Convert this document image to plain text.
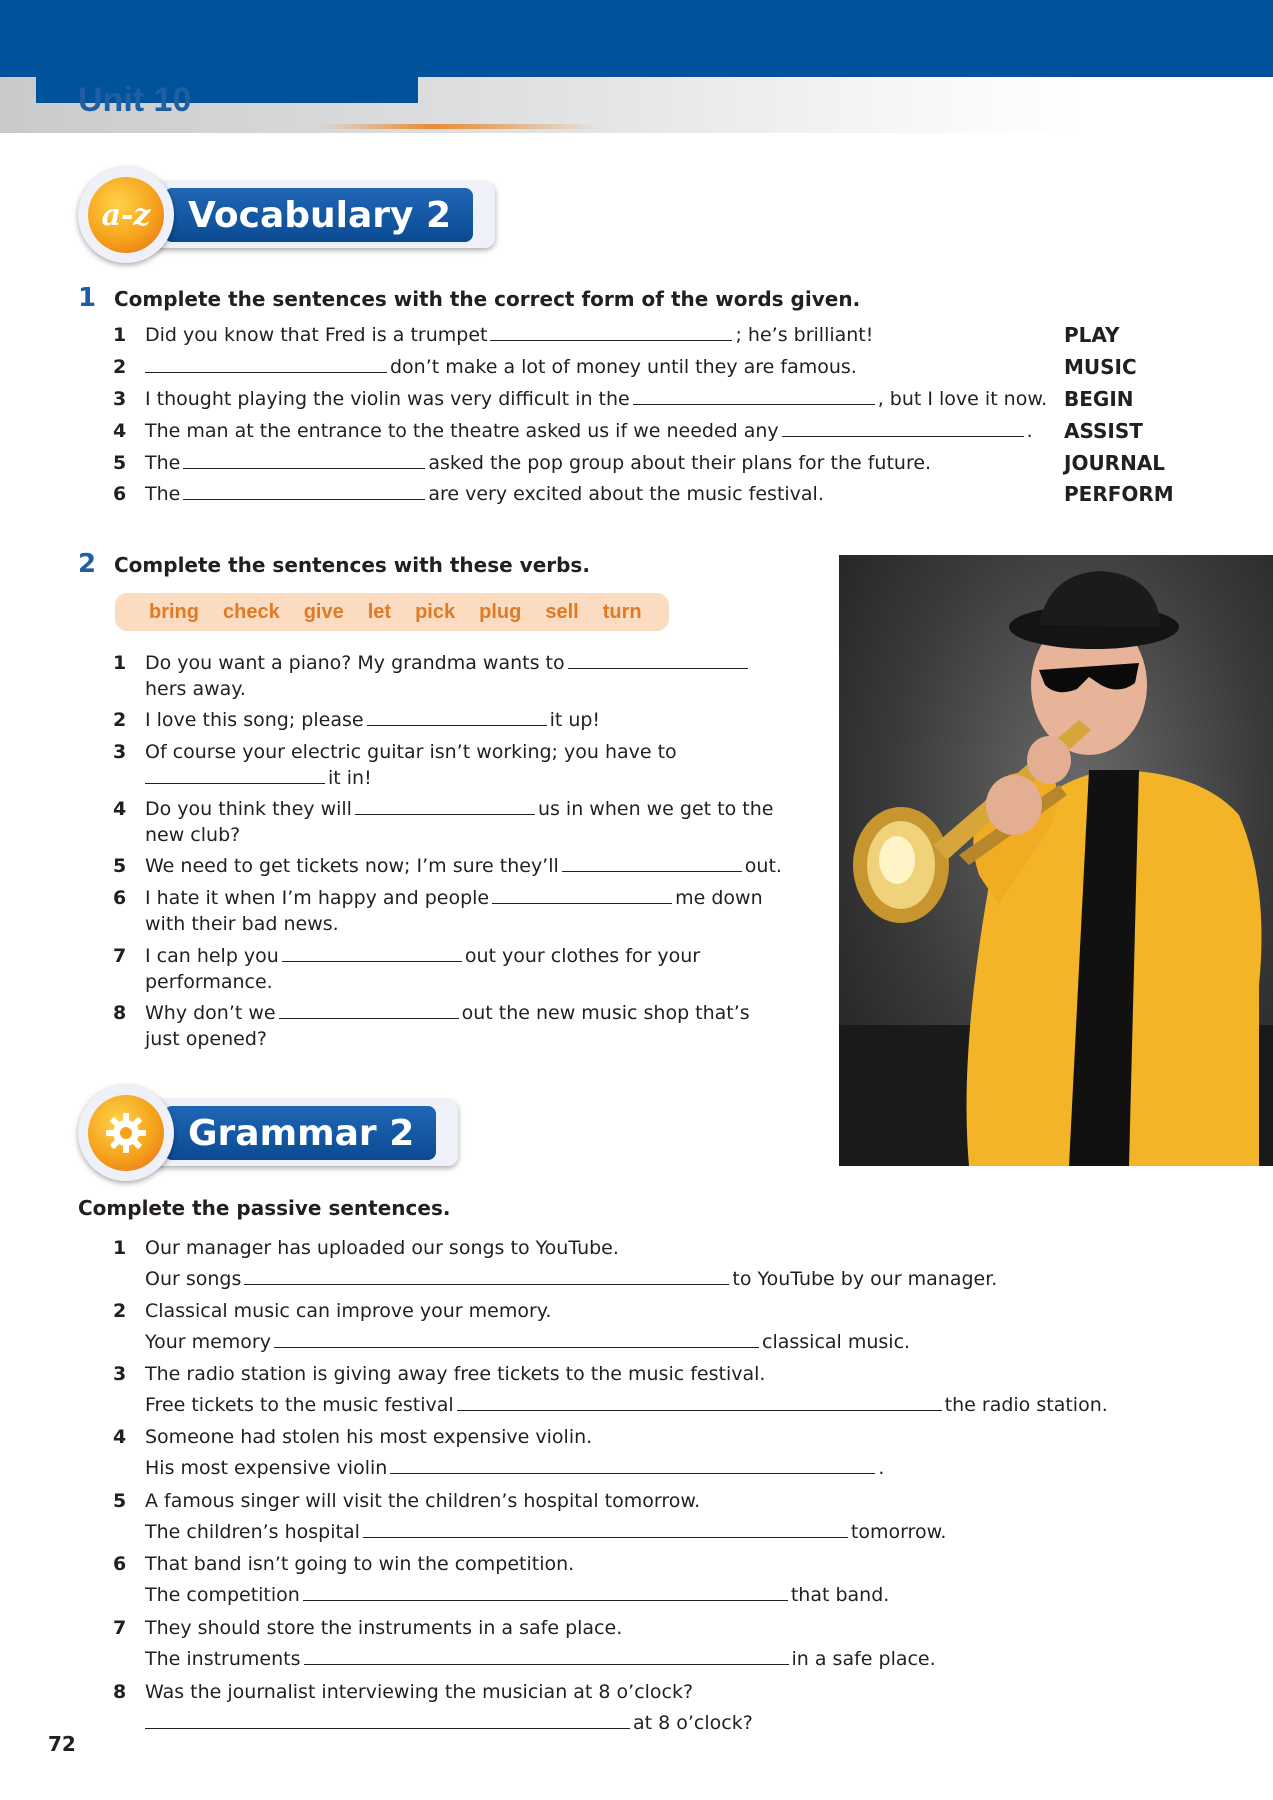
Unit 10
a-z	Vocabulary 2
1 Complete the sentences with the correct form of the words given.
1 Did you know that Fred is a trumpet	; he’s brilliant!	PLAY
2	don’t make a lot of money until they are famous.	MUSIC
3 I thought playing the violin was very difficult in the	, but I love it now. BEGIN
4 The man at the entrance to the theatre asked us if we needed any	. ASSIST
5 The	asked the pop group about their plans for the future.	JOURNAL
6 The	are very excited about the music festival.	PERFORM
2 Complete the sentences with these verbs.
bring check give let pick plug sell turn
1 Do you want a piano? My grandma wants to
hers away.
2 I love this song; please	it up!
3 Of course your electric guitar isn’t working; you have to
it in!
4 Do you think they will	us in when we get to the
new club?
5 We need to get tickets now; I’m sure they’ll	out.
6 I hate it when I’m happy and people	me down
with their bad news.
7 I can help you	out your clothes for your
performance.
8 Why don’t we	out the new music shop that’s
just opened?
Grammar 2
Complete the passive sentences.
1 Our manager has uploaded our songs to YouTube.
Our songs	to YouTube by our manager.
2 Classical music can improve your memory.
Your memory	classical music.
3 The radio station is giving away free tickets to the music festival.
Free tickets to the music festival	the radio station.
4 Someone had stolen his most expensive violin.
His most expensive violin	.
5 A famous singer will visit the children’s hospital tomorrow.
The children’s hospital	tomorrow.
6 That band isn’t going to win the competition.
The competition	that band.
7 They should store the instruments in a safe place.
The instruments	in a safe place.
8 Was the journalist interviewing the musician at 8 o’clock?
at 8 o’clock?
72
